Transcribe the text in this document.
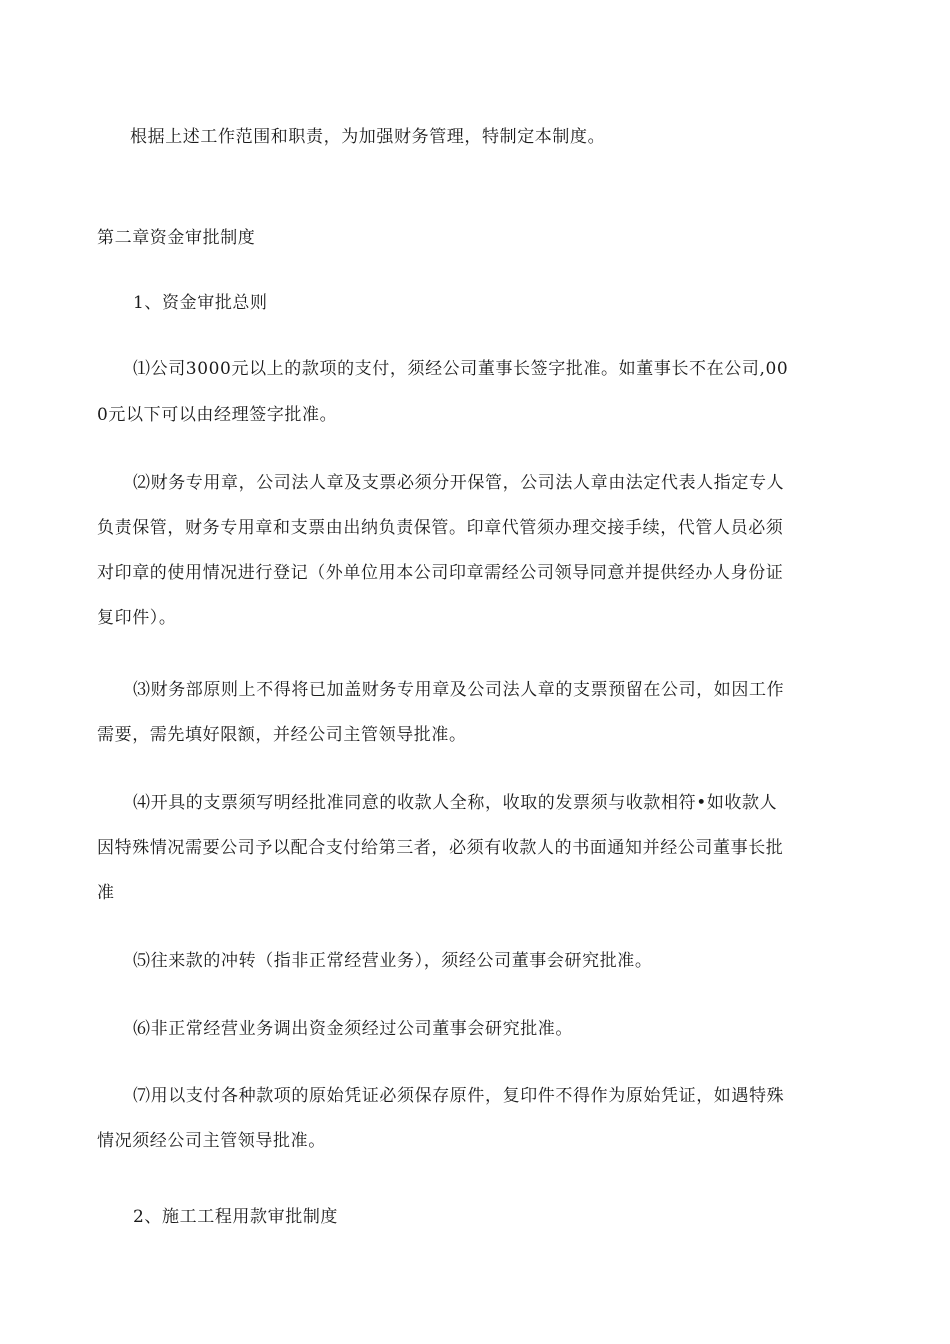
根据上述工作范围和职责，为加强财务管理，特制定本制度。
第二章资金审批制度
1、资金审批总则
⑴公司3000元以上的款项的支付，须经公司董事长签字批准。如董事长不在公司,00
0元以下可以由经理签字批准。
⑵财务专用章，公司法人章及支票必须分开保管，公司法人章由法定代表人指定专人
负责保管，财务专用章和支票由出纳负责保管。印章代管须办理交接手续，代管人员必须
对印章的使用情况进行登记（外单位用本公司印章需经公司领导同意并提供经办人身份证
复印件）。
⑶财务部原则上不得将已加盖财务专用章及公司法人章的支票预留在公司，如因工作
需要，需先填好限额，并经公司主管领导批准。
⑷开具的支票须写明经批准同意的收款人全称，收取的发票须与收款相符•如收款人
因特殊情况需要公司予以配合支付给第三者，必须有收款人的书面通知并经公司董事长批
准
⑸往来款的冲转（指非正常经营业务），须经公司董事会研究批准。
⑹非正常经营业务调出资金须经过公司董事会研究批准。
⑺用以支付各种款项的原始凭证必须保存原件，复印件不得作为原始凭证，如遇特殊
情况须经公司主管领导批准。
2、施工工程用款审批制度
